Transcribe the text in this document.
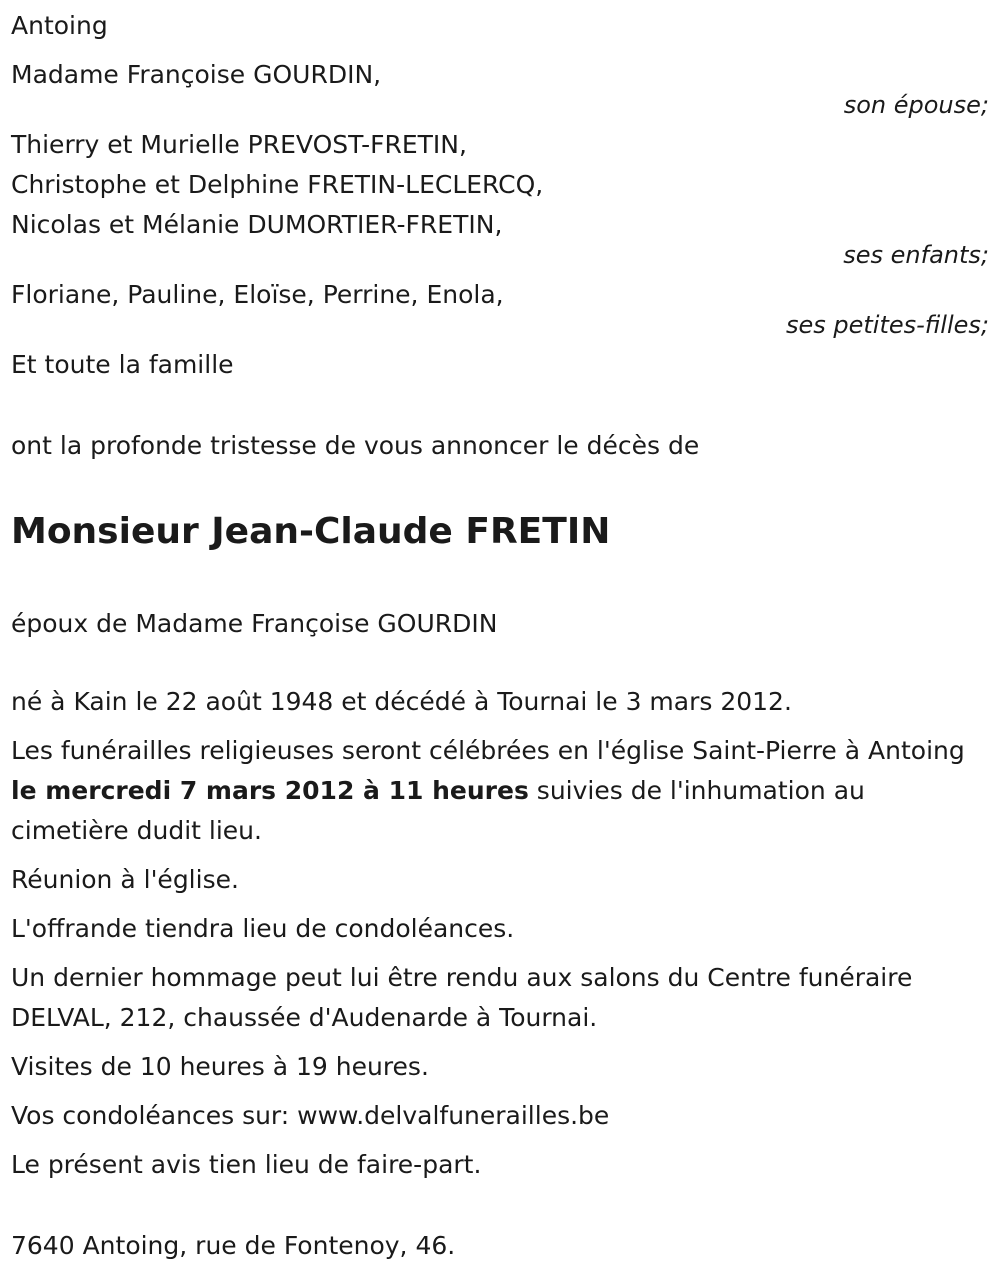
Antoing
Madame Françoise GOURDIN,
son épouse;
Thierry et Murielle PREVOST-FRETIN,
Christophe et Delphine FRETIN-LECLERCQ,
Nicolas et Mélanie DUMORTIER-FRETIN,
ses enfants;
Floriane, Pauline, Eloïse, Perrine, Enola,
ses petites-filles;
Et toute la famille
ont la profonde tristesse de vous annoncer le décès de
Monsieur Jean-Claude FRETIN
époux de Madame Françoise GOURDIN
né à Kain le 22 août 1948 et décédé à Tournai le 3 mars 2012.
Les funérailles religieuses seront célébrées en l'église Saint-Pierre à Antoing le mercredi 7 mars 2012 à 11 heures suivies de l'inhumation au cimetière dudit lieu.
Réunion à l'église.
L'offrande tiendra lieu de condoléances.
Un dernier hommage peut lui être rendu aux salons du Centre funéraire DELVAL, 212, chaussée d'Audenarde à Tournai.
Visites de 10 heures à 19 heures.
Vos condoléances sur: www.delvalfunerailles.be
Le présent avis tien lieu de faire-part.
7640 Antoing, rue de Fontenoy, 46.
